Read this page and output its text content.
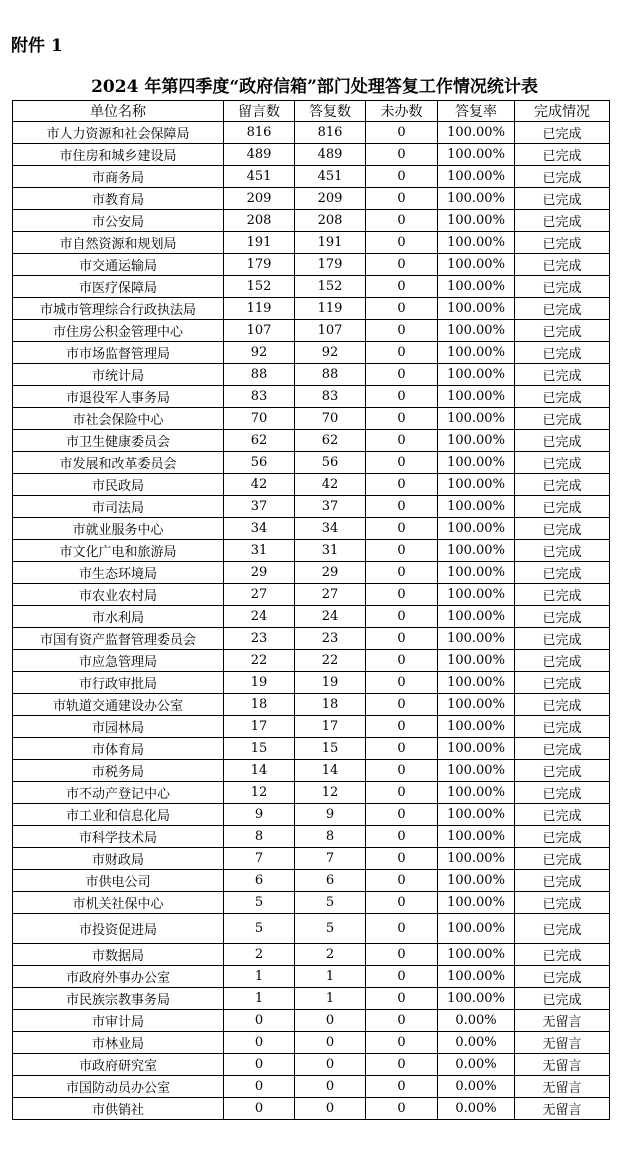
附件 1
2024 年第四季度“政府信箱”部门处理答复工作情况统计表
单位名称	留言数	答复数	未办数	答复率	完成情况
市人力资源和社会保障局	816	816	0	100.00%	已完成
市住房和城乡建设局	489	489	0	100.00%	已完成
市商务局	451	451	0	100.00%	已完成
市教育局	209	209	0	100.00%	已完成
市公安局	208	208	0	100.00%	已完成
市自然资源和规划局	191	191	0	100.00%	已完成
市交通运输局	179	179	0	100.00%	已完成
市医疗保障局	152	152	0	100.00%	已完成
市城市管理综合行政执法局	119	119	0	100.00%	已完成
市住房公积金管理中心	107	107	0	100.00%	已完成
市市场监督管理局	92	92	0	100.00%	已完成
市统计局	88	88	0	100.00%	已完成
市退役军人事务局	83	83	0	100.00%	已完成
市社会保险中心	70	70	0	100.00%	已完成
市卫生健康委员会	62	62	0	100.00%	已完成
市发展和改革委员会	56	56	0	100.00%	已完成
市民政局	42	42	0	100.00%	已完成
市司法局	37	37	0	100.00%	已完成
市就业服务中心	34	34	0	100.00%	已完成
市文化广电和旅游局	31	31	0	100.00%	已完成
市生态环境局	29	29	0	100.00%	已完成
市农业农村局	27	27	0	100.00%	已完成
市水利局	24	24	0	100.00%	已完成
市国有资产监督管理委员会	23	23	0	100.00%	已完成
市应急管理局	22	22	0	100.00%	已完成
市行政审批局	19	19	0	100.00%	已完成
市轨道交通建设办公室	18	18	0	100.00%	已完成
市园林局	17	17	0	100.00%	已完成
市体育局	15	15	0	100.00%	已完成
市税务局	14	14	0	100.00%	已完成
市不动产登记中心	12	12	0	100.00%	已完成
市工业和信息化局	9	9	0	100.00%	已完成
市科学技术局	8	8	0	100.00%	已完成
市财政局	7	7	0	100.00%	已完成
市供电公司	6	6	0	100.00%	已完成
市机关社保中心	5	5	0	100.00%	已完成
市投资促进局	5	5	0	100.00%	已完成
市数据局	2	2	0	100.00%	已完成
市政府外事办公室	1	1	0	100.00%	已完成
市民族宗教事务局	1	1	0	100.00%	已完成
市审计局	0	0	0	0.00%	无留言
市林业局	0	0	0	0.00%	无留言
市政府研究室	0	0	0	0.00%	无留言
市国防动员办公室	0	0	0	0.00%	无留言
市供销社	0	0	0	0.00%	无留言
